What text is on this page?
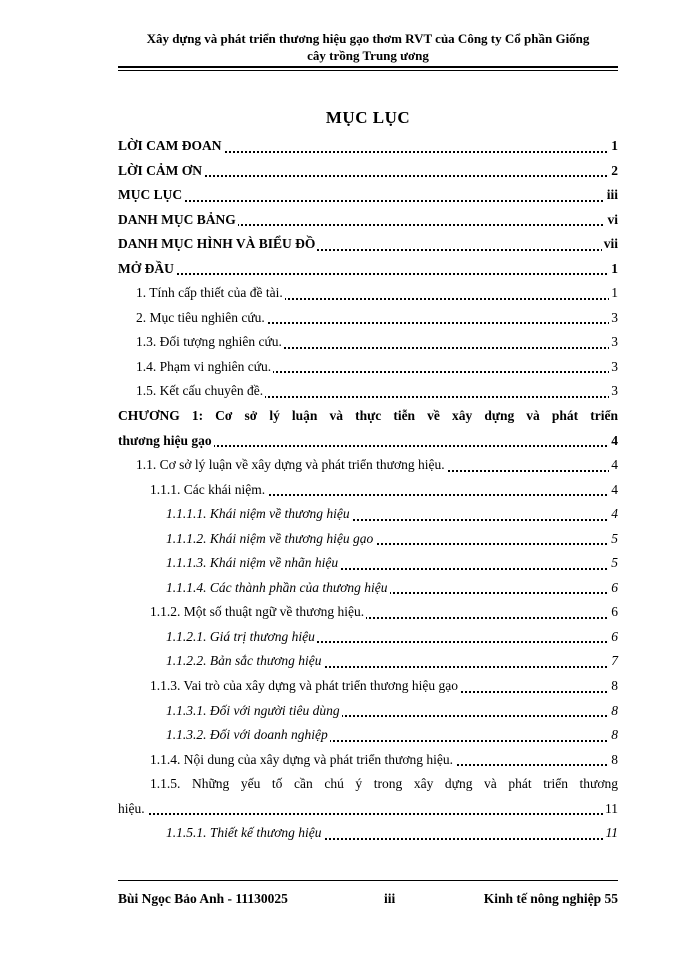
Xây dựng và phát triển thương hiệu gạo thơm RVT của Công ty Cổ phần Giống
cây trồng Trung ương
MỤC LỤC
LỜI CAM ĐOAN	1
LỜI CẢM ƠN	2
MỤC LỤC	iii
DANH MỤC BẢNG	vi
DANH MỤC HÌNH VÀ BIỂU ĐỒ	vii
MỞ ĐẦU	1
1. Tính cấp thiết của đề tài.	1
2. Mục tiêu nghiên cứu.	3
1.3. Đối tượng nghiên cứu.	3
1.4. Phạm vi nghiên cứu.	3
1.5. Kết cấu chuyên đề.	3
CHƯƠNG 1: Cơ sở lý luận và thực tiễn về xây dựng và phát triển
thương hiệu gạo	4
1.1. Cơ sở lý luận về xây dựng và phát triển thương hiệu.	4
1.1.1. Các khái niệm.	4
1.1.1.1. Khái niệm về thương hiệu	4
1.1.1.2. Khái niệm về thương hiệu gạo	5
1.1.1.3. Khái niệm về nhãn hiệu	5
1.1.1.4. Các thành phần của thương hiệu	6
1.1.2. Một số thuật ngữ về thương hiệu.	6
1.1.2.1. Giá trị thương hiệu	6
1.1.2.2. Bản sắc thương hiệu	7
1.1.3. Vai trò của xây dựng và phát triển thương hiệu gạo	8
1.1.3.1. Đối với người tiêu dùng	8
1.1.3.2. Đối với doanh nghiệp	8
1.1.4. Nội dung của xây dựng và phát triển thương hiệu.	8
1.1.5. Những yếu tố cần chú ý trong xây dựng và phát triển thương
hiệu.	11
1.1.5.1. Thiết kế thương hiệu	11
Bùi Ngọc Bảo Anh - 11130025	iii	Kinh tế nông nghiệp 55
